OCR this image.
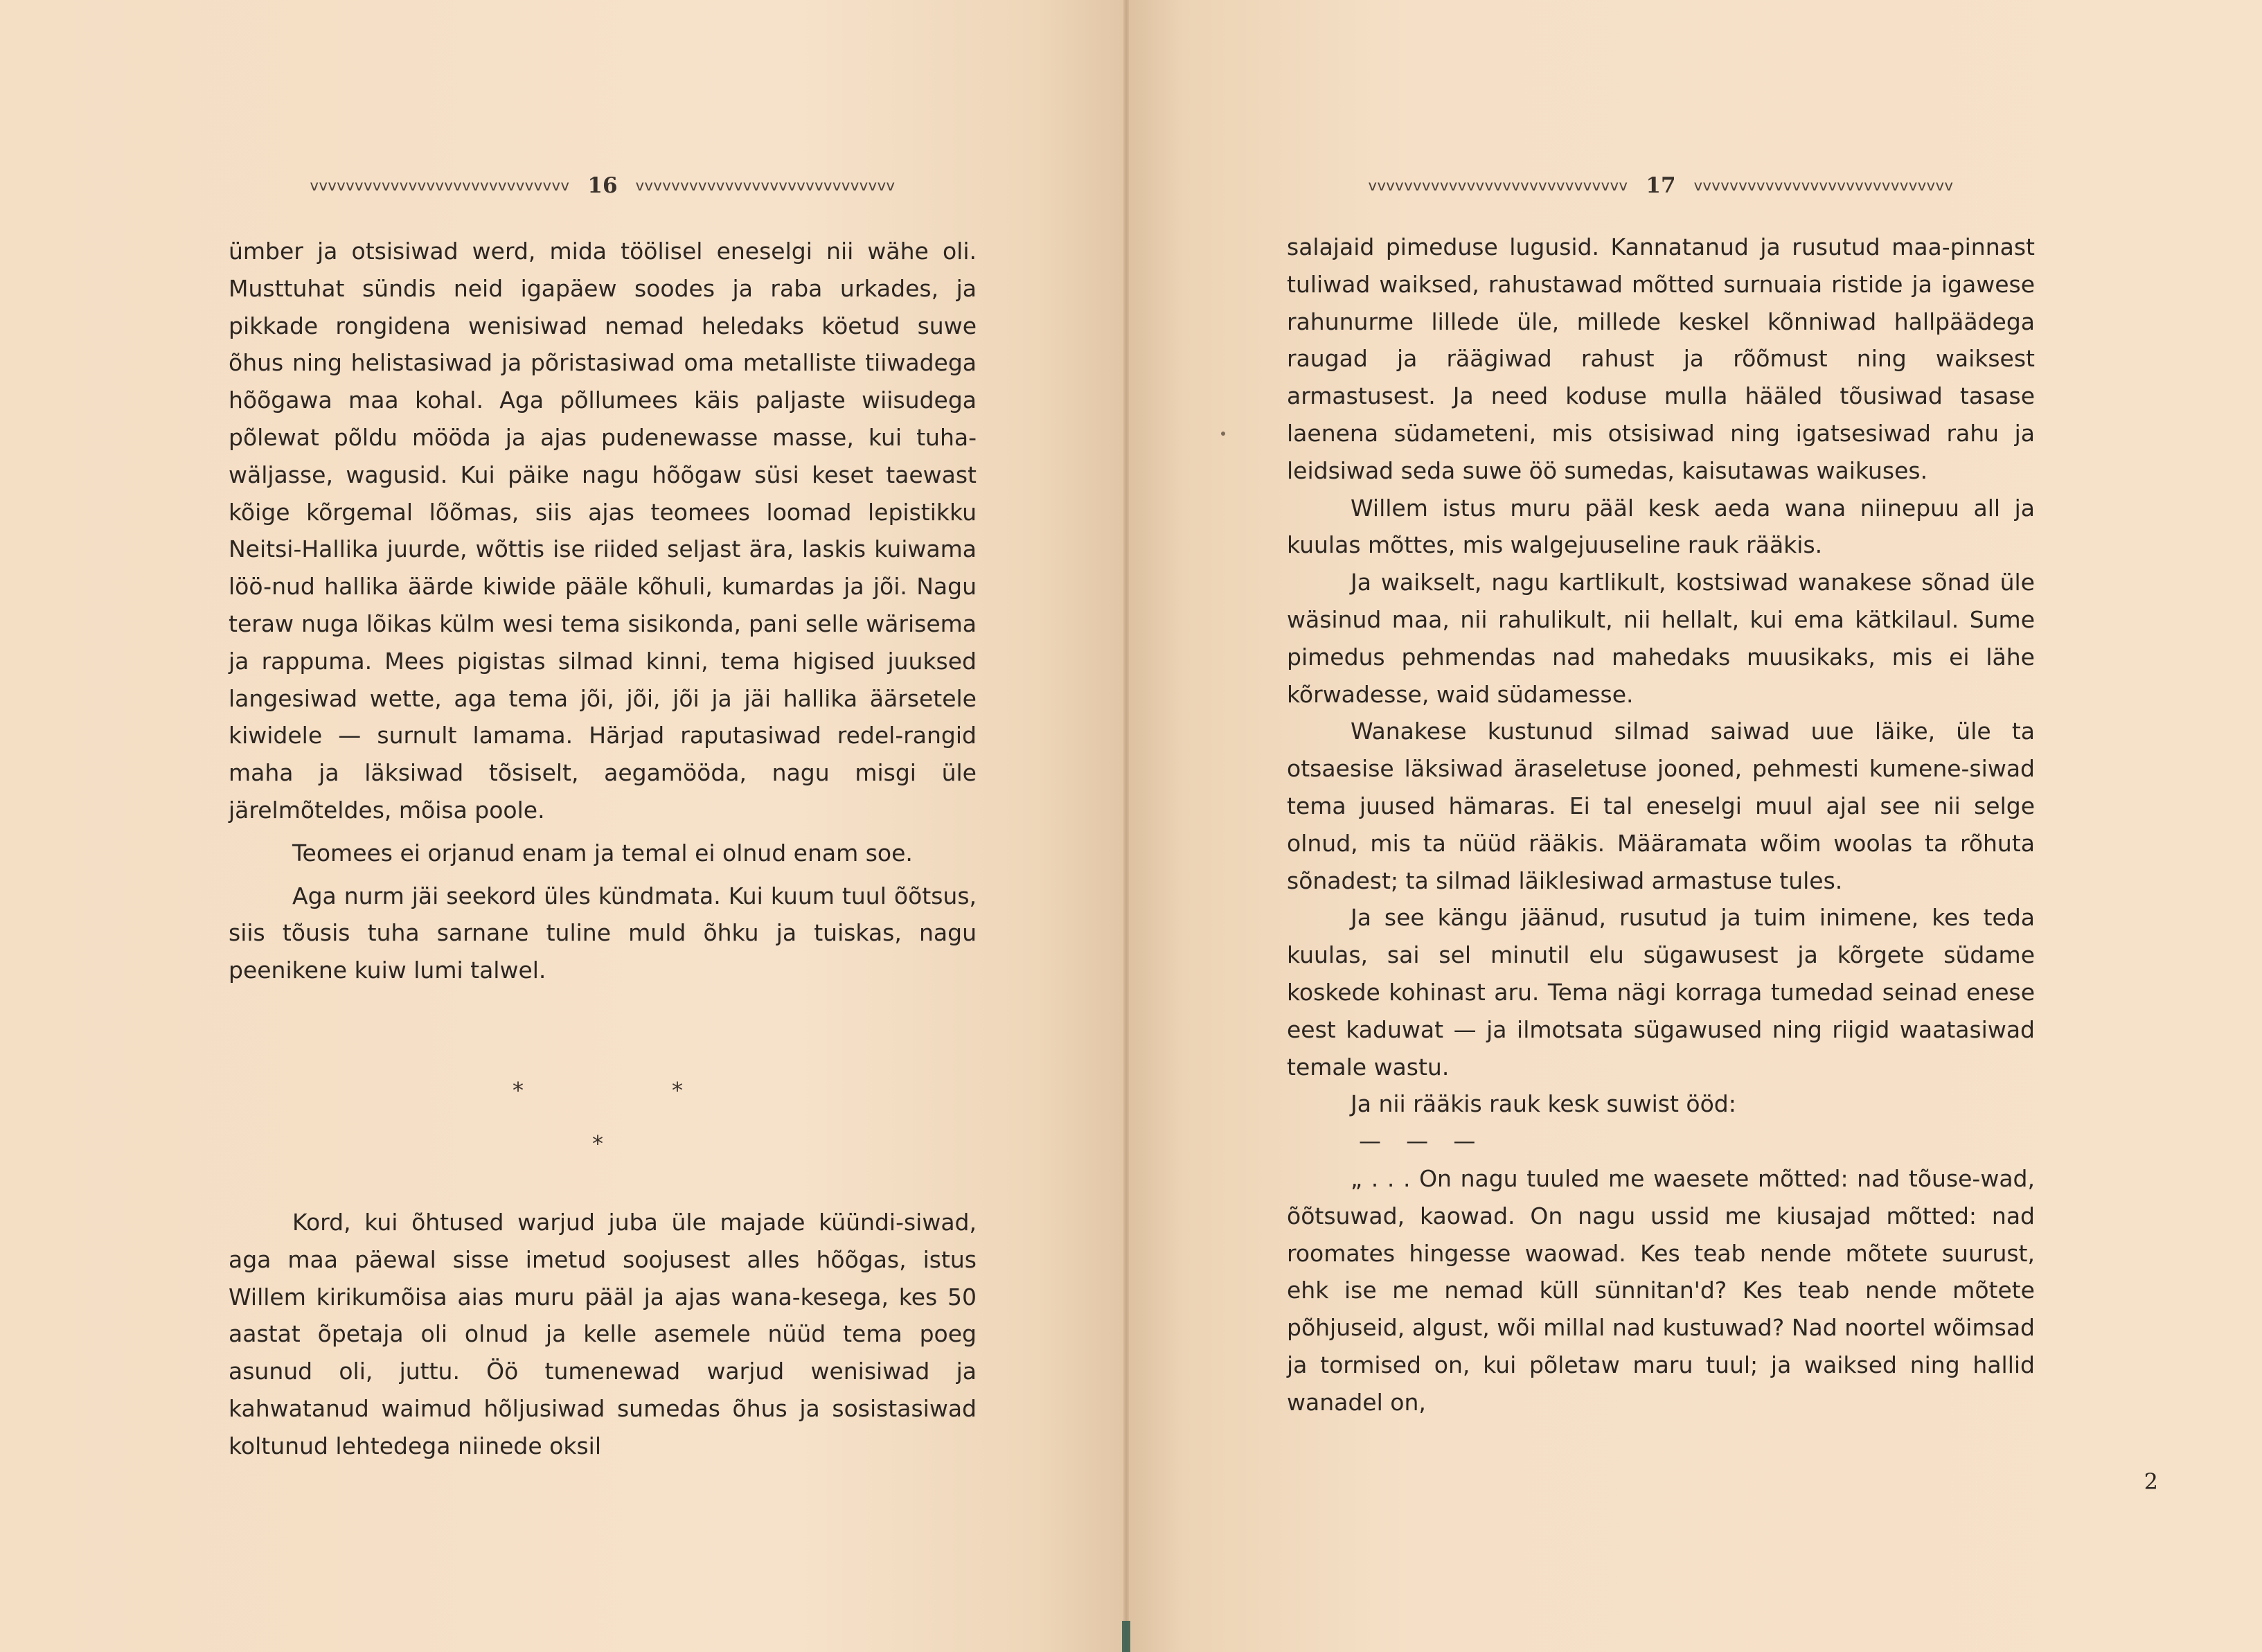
vvvvvvvvvvvvvvvvvvvvvvvvvvvvv 16 vvvvvvvvvvvvvvvvvvvvvvvvvvvvv

ümber ja otsisiwad werd, mida töölisel eneselgi nii wähe oli. Musttuhat sündis neid igapäew soodes ja raba urkades, ja pikkade rongidena wenisiwad nemad heledaks köetud suwe õhus ning helistasiwad ja põristasiwad oma metalliste tiiwadega hõõgawa maa kohal. Aga põllumees käis paljaste wiisudega põlewat põldu mööda ja ajas pudenewasse masse, kui tuha-wäljasse, wagusid. Kui päike nagu hõõgaw süsi keset taewast kõige kõrgemal lõõmas, siis ajas teomees loomad lepistikku Neitsi-Hallika juurde, wõttis ise riided seljast ära, laskis kuiwama löö-nud hallika äärde kiwide pääle kõhuli, kumardas ja jõi. Nagu teraw nuga lõikas külm wesi tema sisikonda, pani selle wärisema ja rappuma. Mees pigistas silmad kinni, tema higised juuksed langesiwad wette, aga tema jõi, jõi, jõi ja jäi hallika äärsetele kiwidele — surnult lamama. Härjad raputasiwad redel-rangid maha ja läksiwad tõsiselt, aegamööda, nagu misgi üle järelmõteldes, mõisa poole.

Teomees ei orjanud enam ja temal ei olnud enam soe.

Aga nurm jäi seekord üles kündmata. Kui kuum tuul õõtsus, siis tõusis tuha sarnane tuline muld õhku ja tuiskas, nagu peenikene kuiw lumi talwel.

*	*
*

Kord, kui õhtused warjud juba üle majade küündi-siwad, aga maa päewal sisse imetud soojusest alles hõõgas, istus Willem kirikumõisa aias muru pääl ja ajas wana-kesega, kes 50 aastat õpetaja oli olnud ja kelle asemele nüüd tema poeg asunud oli, juttu. Öö tumenewad warjud wenisiwad ja kahwatanud waimud hõljusiwad sumedas õhus ja sosistasiwad koltunud lehtedega niinede oksil

vvvvvvvvvvvvvvvvvvvvvvvvvvvvv 17 vvvvvvvvvvvvvvvvvvvvvvvvvvvvv

salajaid pimeduse lugusid. Kannatanud ja rusutud maa-pinnast tuliwad waiksed, rahustawad mõtted surnuaia ristide ja igawese rahunurme lillede üle, millede keskel kõnniwad hallpäädega raugad ja räägiwad rahust ja rõõmust ning waiksest armastusest. Ja need koduse mulla hääled tõusiwad tasase laenena südameteni, mis otsisiwad ning igatsesiwad rahu ja leidsiwad seda suwe öö sumedas, kaisutawas waikuses.

Willem istus muru pääl kesk aeda wana niinepuu all ja kuulas mõttes, mis walgejuuseline rauk rääkis.

Ja waikselt, nagu kartlikult, kostsiwad wanakese sõnad üle wäsinud maa, nii rahulikult, nii hellalt, kui ema kätkilaul. Sume pimedus pehmendas nad mahedaks muusikaks, mis ei lähe kõrwadesse, waid südamesse.

Wanakese kustunud silmad saiwad uue läike, üle ta otsaesise läksiwad äraseletuse jooned, pehmesti kumene-siwad tema juused hämaras. Ei tal eneselgi muul ajal see nii selge olnud, mis ta nüüd rääkis. Määramata wõim woolas ta rõhuta sõnadest; ta silmad läiklesiwad armastuse tules.

Ja see kängu jäänud, rusutud ja tuim inimene, kes teda kuulas, sai sel minutil elu sügawusest ja kõrgete südame koskede kohinast aru. Tema nägi korraga tumedad seinad enese eest kaduwat — ja ilmotsata sügawused ning riigid waatasiwad temale wastu.

Ja nii rääkis rauk kesk suwist ööd:

— — —

„ . . . On nagu tuuled me waesete mõtted: nad tõuse-wad, õõtsuwad, kaowad. On nagu ussid me kiusajad mõtted: nad roomates hingesse waowad. Kes teab nende mõtete suurust, ehk ise me nemad küll sünnitan'd? Kes teab nende mõtete põhjuseid, algust, wõi millal nad kustuwad? Nad noortel wõimsad ja tormised on, kui põletaw maru tuul; ja waiksed ning hallid wanadel on,

2
